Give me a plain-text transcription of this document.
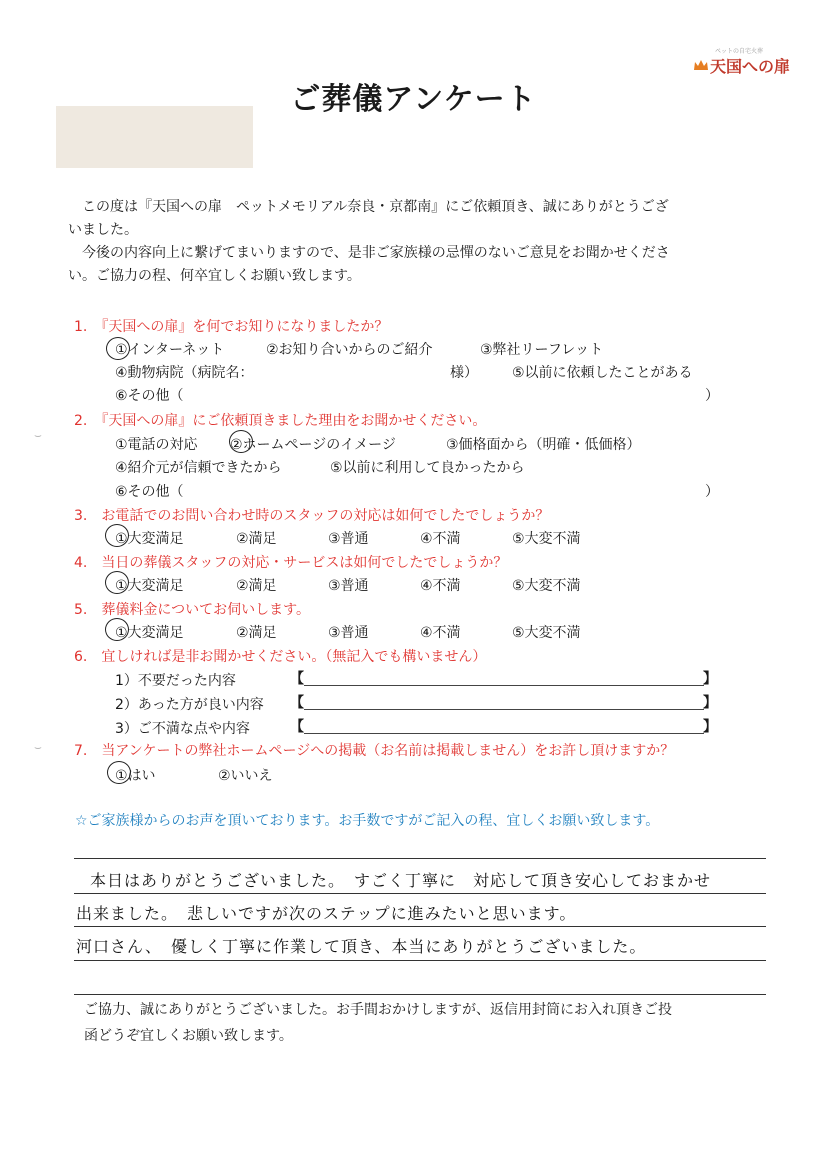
ペットの自宅火葬
天国への扉
ご葬儀アンケート

この度は『天国への扉　ペットメモリアル奈良・京都南』にご依頼頂き、誠にありがとうござ

いました。

今後の内容向上に繋げてまいりますので、是非ご家族様の忌憚のないご意見をお聞かせくださ

い。ご協力の程、何卒宜しくお願い致します。

1.　『天国への扉』を何でお知りになりましたか？
①インターネット	②お知り合いからのご紹介	③弊社リーフレット
④動物病院（病院名：	様） ⑤以前に依頼したことがある
⑥その他（	）
2.　『天国への扉』にご依頼頂きました理由をお聞かせください。
①電話の対応 ②ホームページのイメージ	③価格面から（明確・低価格）
④紹介元が信頼できたから	⑤以前に利用して良かったから
⑥その他（	）
3.　お電話でのお問い合わせ時のスタッフの対応は如何でしたでしょうか？
①大変満足	②満足	③普通	④不満	⑤大変不満
4.　当日の葬儀スタッフの対応・サービスは如何でしたでしょうか？
①大変満足	②満足	③普通	④不満	⑤大変不満
5.　葬儀料金についてお伺いします。
①大変満足	②満足	③普通	④不満	⑤大変不満
6.　宜しければ是非お聞かせください。（無記入でも構いません）
1）不要だった内容	【	】
2）あった方が良い内容 【	】
3）ご不満な点や内容	【	】
7.　当アンケートの弊社ホームページへの掲載（お名前は掲載しません）をお許し頂けますか？
①はい	②いいえ
☆ご家族様からのお声を頂いております。お手数ですがご記入の程、宜しくお願い致します。
本日はありがとうございました。　すごく丁寧に　対応して頂き安心しておまかせ
出来ました。　悲しいですが次のステップに進みたいと思います。
河口さん、　優しく丁寧に作業して頂き、本当にありがとうございました。
ご協力、誠にありがとうございました。お手間おかけしますが、返信用封筒にお入れ頂きご投
函どうぞ宜しくお願い致します。
⌣
⌣
